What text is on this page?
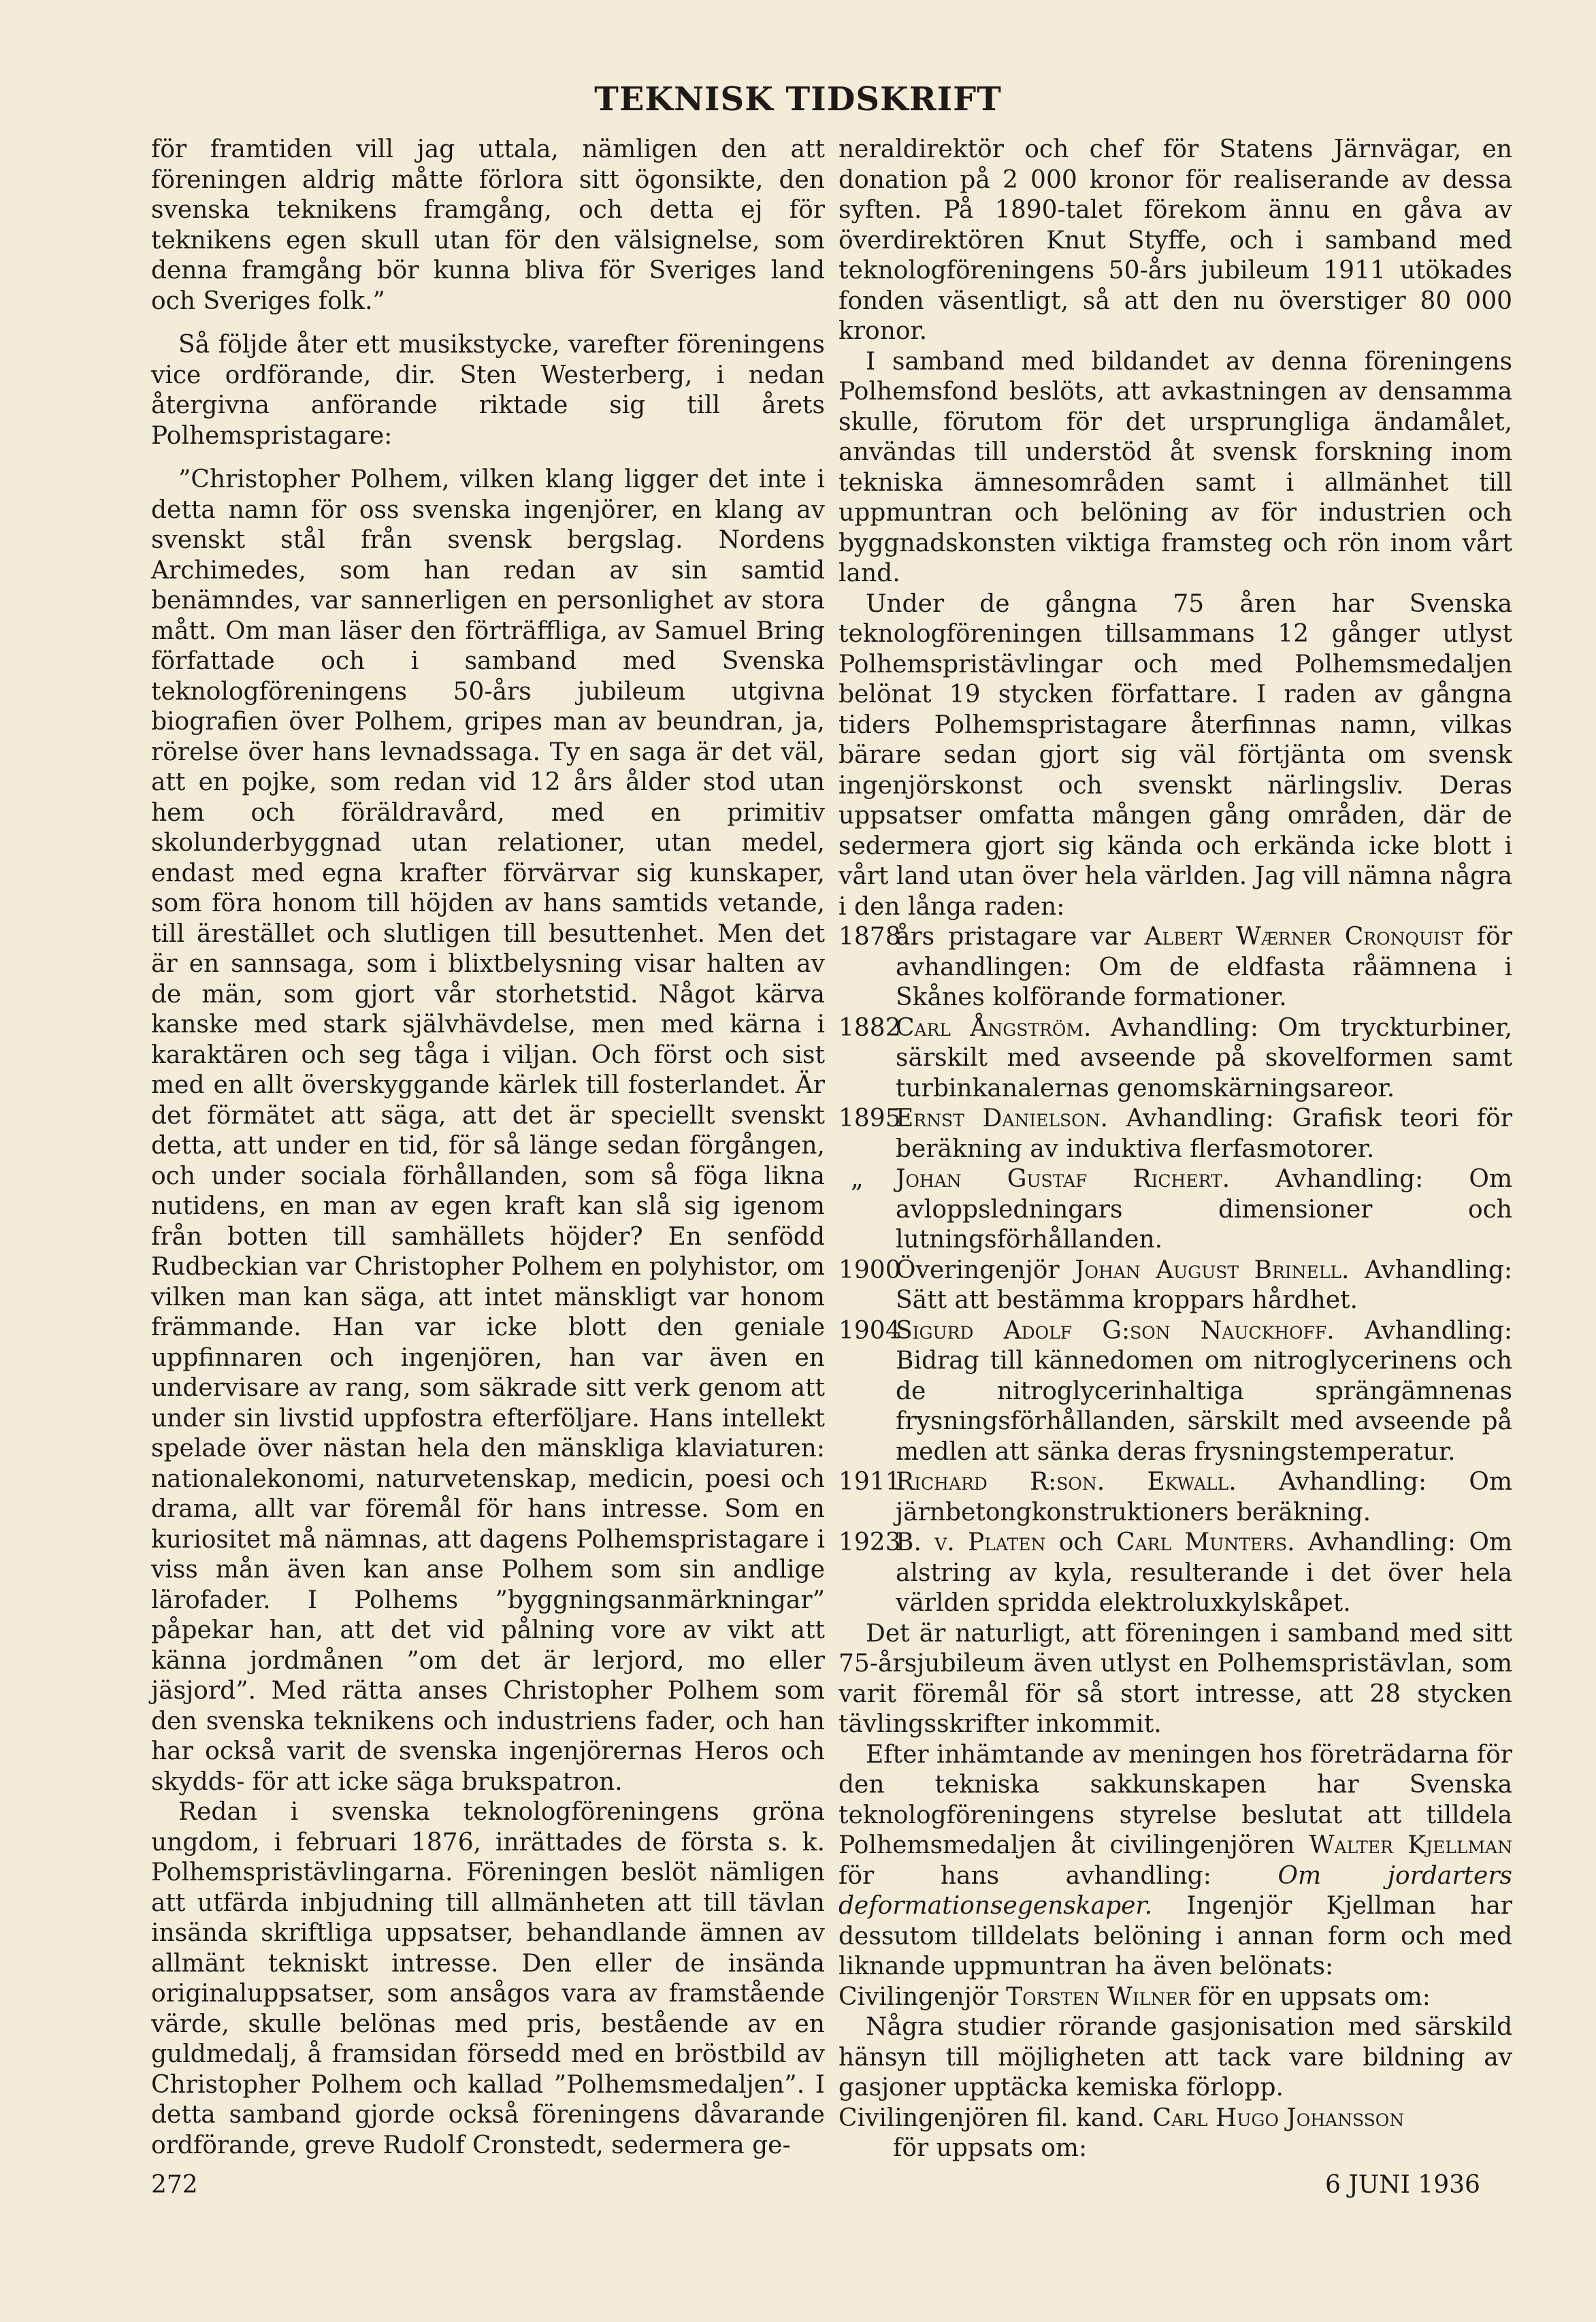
TEKNISK TIDSKRIFT

för framtiden vill jag uttala, nämligen den att föreningen aldrig måtte förlora sitt ögonsikte, den svenska teknikens framgång, och detta ej för teknikens egen skull utan för den välsignelse, som denna framgång bör kunna bliva för Sveriges land och Sveriges folk.”

Så följde åter ett musikstycke, varefter föreningens vice ordförande, dir. Sten Westerberg, i nedan återgivna anförande riktade sig till årets Polhemspristagare:

”Christopher Polhem, vilken klang ligger det inte i detta namn för oss svenska ingenjörer, en klang av svenskt stål från svensk bergslag. Nordens Archimedes, som han redan av sin samtid benämndes, var sannerligen en personlighet av stora mått. Om man läser den förträffliga, av Samuel Bring författade och i samband med Svenska teknologföreningens 50-års jubileum utgivna biografien över Polhem, gripes man av beundran, ja, rörelse över hans levnadssaga. Ty en saga är det väl, att en pojke, som redan vid 12 års ålder stod utan hem och föräldravård, med en primitiv skolunderbyggnad utan relationer, utan medel, endast med egna krafter förvärvar sig kunskaper, som föra honom till höjden av hans samtids vetande, till ärestället och slutligen till besuttenhet. Men det är en sannsaga, som i blixtbelysning visar halten av de män, som gjort vår storhetstid. Något kärva kanske med stark självhävdelse, men med kärna i karaktären och seg tåga i viljan. Och först och sist med en allt överskyggande kärlek till fosterlandet. Är det förmätet att säga, att det är speciellt svenskt detta, att under en tid, för så länge sedan förgången, och under sociala förhållanden, som så föga likna nutidens, en man av egen kraft kan slå sig igenom från botten till samhällets höjder? En senfödd Rudbeckian var Christopher Polhem en polyhistor, om vilken man kan säga, att intet mänskligt var honom främmande. Han var icke blott den geniale uppfinnaren och ingenjören, han var även en undervisare av rang, som säkrade sitt verk genom att under sin livstid uppfostra efterföljare. Hans intellekt spelade över nästan hela den mänskliga klaviaturen: nationalekonomi, naturvetenskap, medicin, poesi och drama, allt var föremål för hans intresse. Som en kuriositet må nämnas, att dagens Polhemspristagare i viss mån även kan anse Polhem som sin andlige lärofader. I Polhems ”byggningsanmärkningar” påpekar han, att det vid pålning vore av vikt att känna jordmånen ”om det är lerjord, mo eller jäsjord”. Med rätta anses Christopher Polhem som den svenska teknikens och industriens fader, och han har också varit de svenska ingenjörernas Heros och skydds- för att icke säga brukspatron.

Redan i svenska teknologföreningens gröna ungdom, i februari 1876, inrättades de första s. k. Polhemspristävlingarna. Föreningen beslöt nämligen att utfärda inbjudning till allmänheten att till tävlan insända skriftliga uppsatser, behandlande ämnen av allmänt tekniskt intresse. Den eller de insända originaluppsatser, som ansågos vara av framstående värde, skulle belönas med pris, bestående av en guldmedalj, å framsidan försedd med en bröstbild av Christopher Polhem och kallad ”Polhemsmedaljen”. I detta samband gjorde också föreningens dåvarande ordförande, greve Rudolf Cronstedt, sedermera ge-

neraldirektör och chef för Statens Järnvägar, en donation på 2 000 kronor för realiserande av dessa syften. På 1890-talet förekom ännu en gåva av överdirektören Knut Styffe, och i samband med teknologföreningens 50-års jubileum 1911 utökades fonden väsentligt, så att den nu överstiger 80 000 kronor.

I samband med bildandet av denna föreningens Polhemsfond beslöts, att avkastningen av densamma skulle, förutom för det ursprungliga ändamålet, användas till understöd åt svensk forskning inom tekniska ämnesområden samt i allmänhet till uppmuntran och belöning av för industrien och byggnadskonsten viktiga framsteg och rön inom vårt land.

Under de gångna 75 åren har Svenska teknologföreningen tillsammans 12 gånger utlyst Polhemspristävlingar och med Polhemsmedaljen belönat 19 stycken författare. I raden av gångna tiders Polhemspristagare återfinnas namn, vilkas bärare sedan gjort sig väl förtjänta om svensk ingenjörskonst och svenskt närlingsliv. Deras uppsatser omfatta mången gång områden, där de sedermera gjort sig kända och erkända icke blott i vårt land utan över hela världen. Jag vill nämna några i den långa raden:

1878
års pristagare var Albert Wærner Cronquist för avhandlingen: Om de eldfasta råämnena i Skånes kolförande formationer.
1882
Carl Ångström. Avhandling: Om tryckturbiner, särskilt med avseende på skovelformen samt turbinkanalernas genomskärningsareor.
1895
Ernst Danielson. Avhandling: Grafisk teori för beräkning av induktiva flerfasmotorer.
„	Johan Gustaf Richert. Avhandling: Om avloppsledningars dimensioner och lutningsförhållanden.
1900
Överingenjör Johan August Brinell. Avhandling: Sätt att bestämma kroppars hårdhet.
1904
Sigurd Adolf G:son Nauckhoff. Avhandling: Bidrag till kännedomen om nitroglycerinens och de nitroglycerinhaltiga sprängämnenas frysningsförhållanden, särskilt med avseende på medlen att sänka deras frysningstemperatur.
1911
Richard R:son. Ekwall. Avhandling: Om järnbetongkonstruktioners beräkning.
1923
B. v. Platen och Carl Munters. Avhandling: Om alstring av kyla, resulterande i det över hela världen spridda elektroluxkylskåpet.

Det är naturligt, att föreningen i samband med sitt 75-årsjubileum även utlyst en Polhemspristävlan, som varit föremål för så stort intresse, att 28 stycken tävlingsskrifter inkommit.

Efter inhämtande av meningen hos företrädarna för den tekniska sakkunskapen har Svenska teknologföreningens styrelse beslutat att tilldela Polhemsmedaljen åt civilingenjören Walter Kjellman för hans avhandling: Om jordarters deformationsegenskaper. Ingenjör Kjellman har dessutom tilldelats belöning i annan form och med liknande uppmuntran ha även belönats:

Civilingenjör Torsten Wilner för en uppsats om:

Några studier rörande gasjonisation med särskild hänsyn till möjligheten att tack vare bildning av gasjoner upptäcka kemiska förlopp.

Civilingenjören fil. kand. Carl Hugo Johansson

för uppsats om:

272	6 JUNI 1936
